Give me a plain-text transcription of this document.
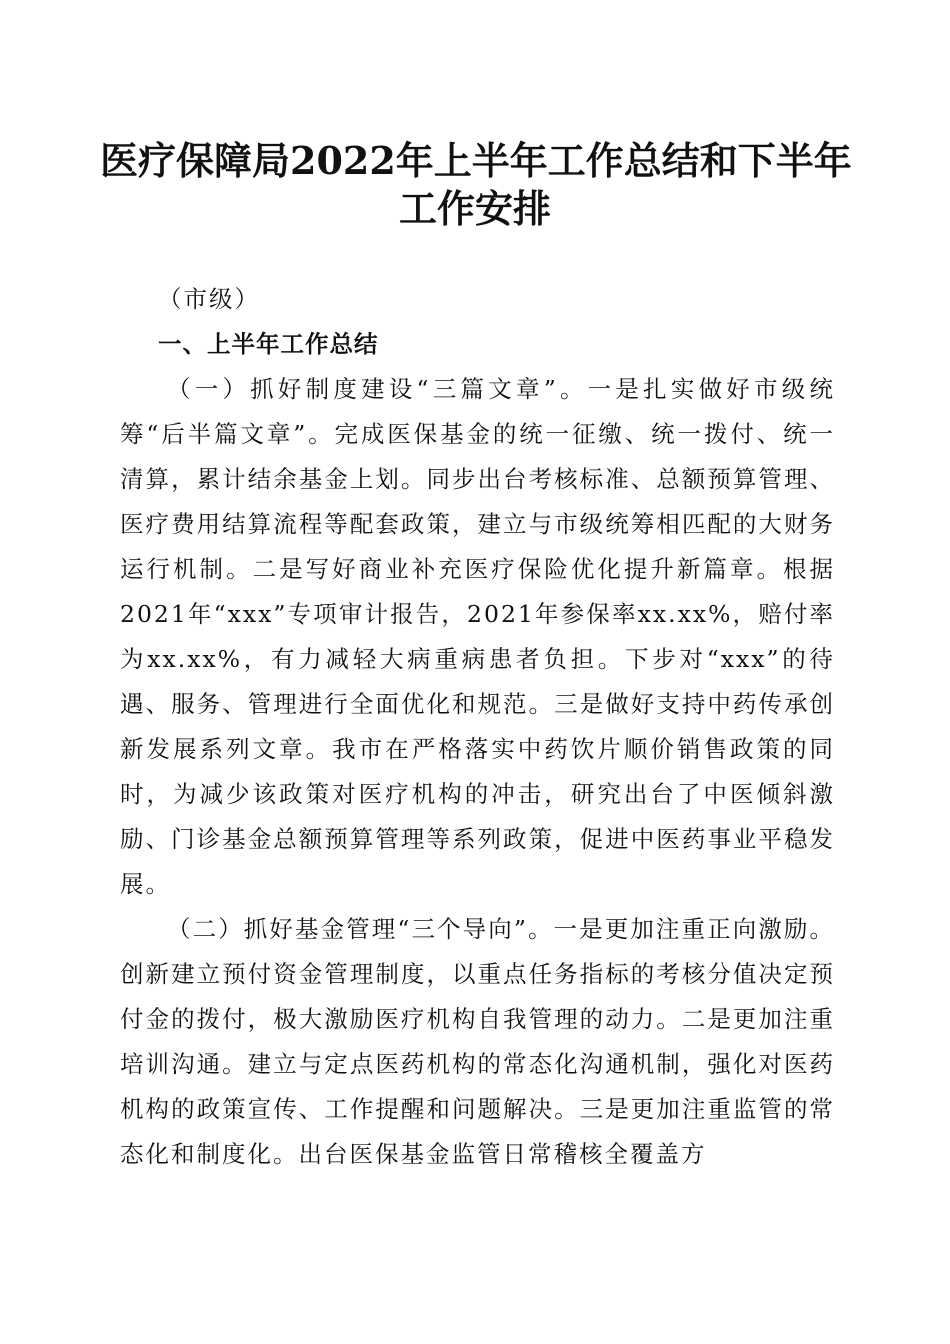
医疗保障局2022年上半年工作总结和下半年
工作安排

（市级）

一、上半年工作总结

（一）抓好制度建设“三篇文章”。一是扎实做好市级统筹“后半篇文章”。完成医保基金的统一征缴、统一拨付、统一清算，累计结余基金上划。同步出台考核标准、总额预算管理、医疗费用结算流程等配套政策，建立与市级统筹相匹配的大财务运行机制。二是写好商业补充医疗保险优化提升新篇章。根据2021年“xxx”专项审计报告，2021年参保率xx.xx%，赔付率为xx.xx%，有力减轻大病重病患者负担。下步对“xxx”的待遇、服务、管理进行全面优化和规范。三是做好支持中药传承创新发展系列文章。我市在严格落实中药饮片顺价销售政策的同时，为减少该政策对医疗机构的冲击，研究出台了中医倾斜激励、门诊基金总额预算管理等系列政策，促进中医药事业平稳发展。

（二）抓好基金管理“三个导向”。一是更加注重正向激励。创新建立预付资金管理制度，以重点任务指标的考核分值决定预付金的拨付，极大激励医疗机构自我管理的动力。二是更加注重培训沟通。建立与定点医药机构的常态化沟通机制，强化对医药机构的政策宣传、工作提醒和问题解决。三是更加注重监管的常态化和制度化。出台医保基金监管日常稽核全覆盖方
